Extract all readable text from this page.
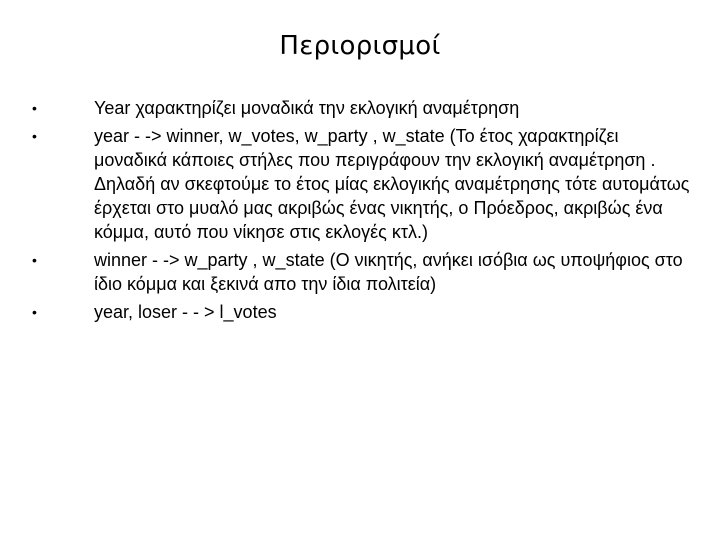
Περιορισμοί
•	Year χαρακτηρίζει μοναδικά την εκλογική αναμέτρηση
•	year - -> winner, w_votes, w_party , w_state (To έτος χαρακτηρίζει μοναδικά κάποιες στήλες που περιγράφουν την εκλογική αναμέτρηση . Δηλαδή αν σκεφτούμε το έτος μίας εκλογικής αναμέτρησης τότε αυτομάτως έρχεται στο μυαλό μας ακριβώς ένας νικητής, ο Πρόεδρος, ακριβώς ένα κόμμα, αυτό που νίκησε στις εκλογές κτλ.)
•	winner - -> w_party , w_state (O νικητής, ανήκει ισόβια ως υποψήφιος στο ίδιο κόμμα και ξεκινά απο την ίδια πολιτεία)
•	year, loser - - > l_votes
